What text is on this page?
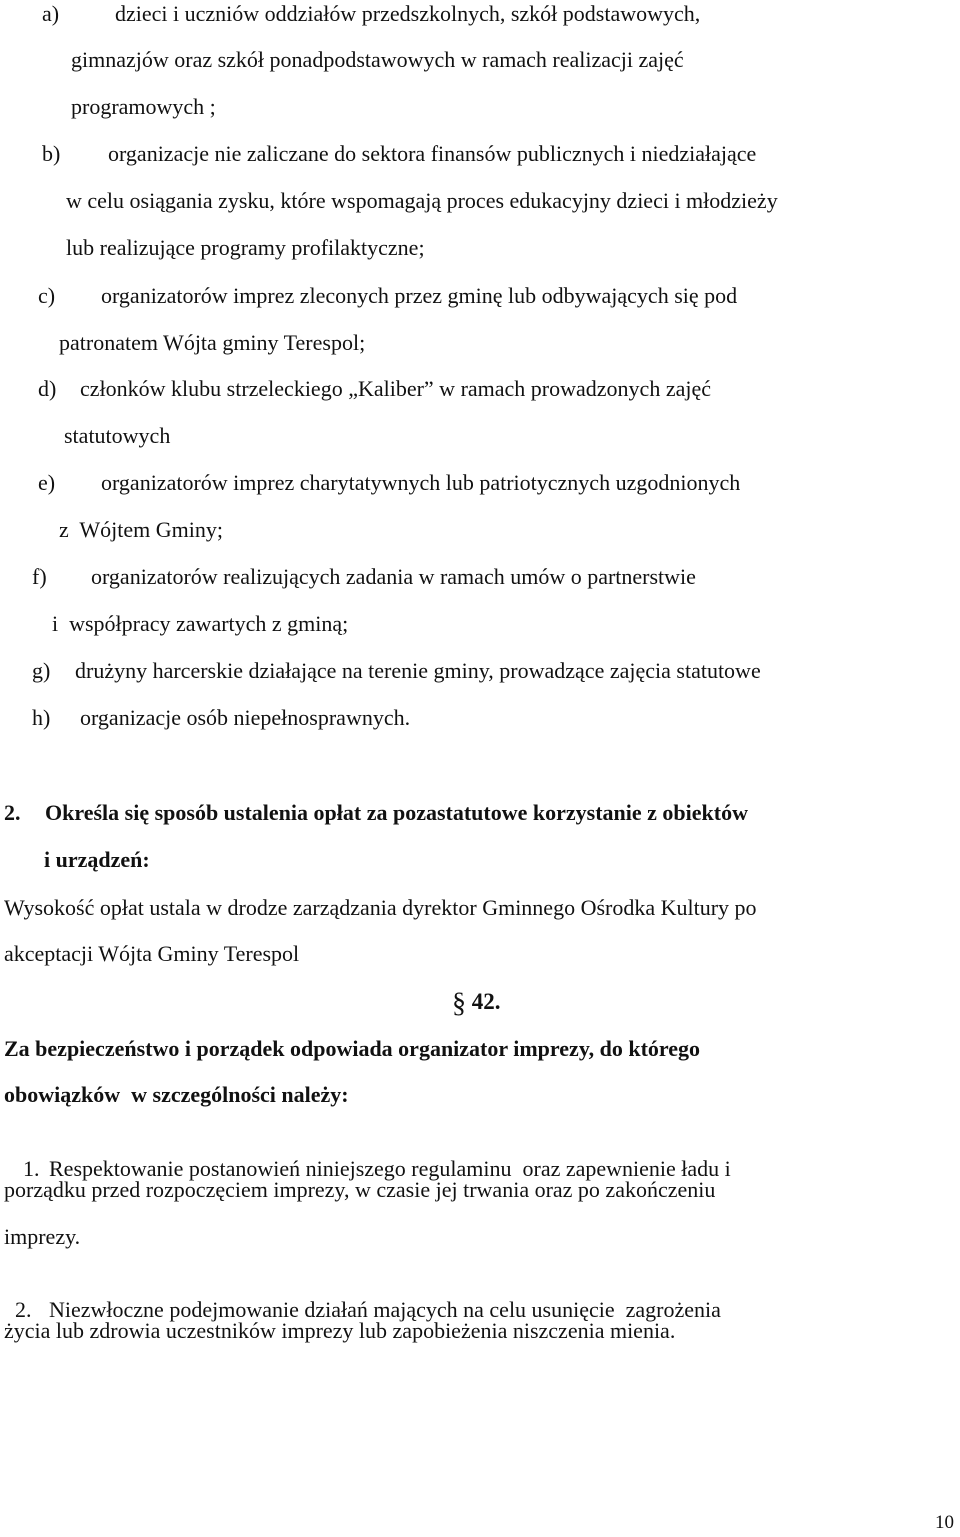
a)	dzieci i uczniów oddziałów przedszkolnych, szkół podstawowych,
gimnazjów oraz szkół ponadpodstawowych w ramach realizacji zajęć
programowych ;
b) organizacje nie zaliczane do sektora finansów publicznych i niedziałające
w celu osiągania zysku, które wspomagają proces edukacyjny dzieci i młodzieży
lub realizujące programy profilaktyczne;
c) organizatorów imprez zleconych przez gminę lub odbywających się pod
patronatem Wójta gminy Terespol;
d) członków klubu strzeleckiego „Kaliber” w ramach prowadzonych zajęć
statutowych
e) organizatorów imprez charytatywnych lub patriotycznych uzgodnionych
z  Wójtem Gminy;
f) organizatorów realizujących zadania w ramach umów o partnerstwie
i  współpracy zawartych z gminą;
g) drużyny harcerskie działające na terenie gminy, prowadzące zajęcia statutowe
h) organizacje osób niepełnosprawnych.
2. Określa się sposób ustalenia opłat za pozastatutowe korzystanie z obiektów
i urządzeń:
Wysokość opłat ustala w drodze zarządzania dyrektor Gminnego Ośrodka Kultury po
akceptacji Wójta Gminy Terespol
§ 42.
Za bezpieczeństwo i porządek odpowiada organizator imprezy, do którego
obowiązków  w szczególności należy:

1. Respektowanie postanowień niniejszego regulaminu  oraz zapewnienie ładu i

porządku przed rozpoczęciem imprezy, w czasie jej trwania oraz po zakończeniu
imprezy.

2. Niezwłoczne podejmowanie działań mających na celu usunięcie  zagrożenia

życia lub zdrowia uczestników imprezy lub zapobieżenia niszczenia mienia.
10
